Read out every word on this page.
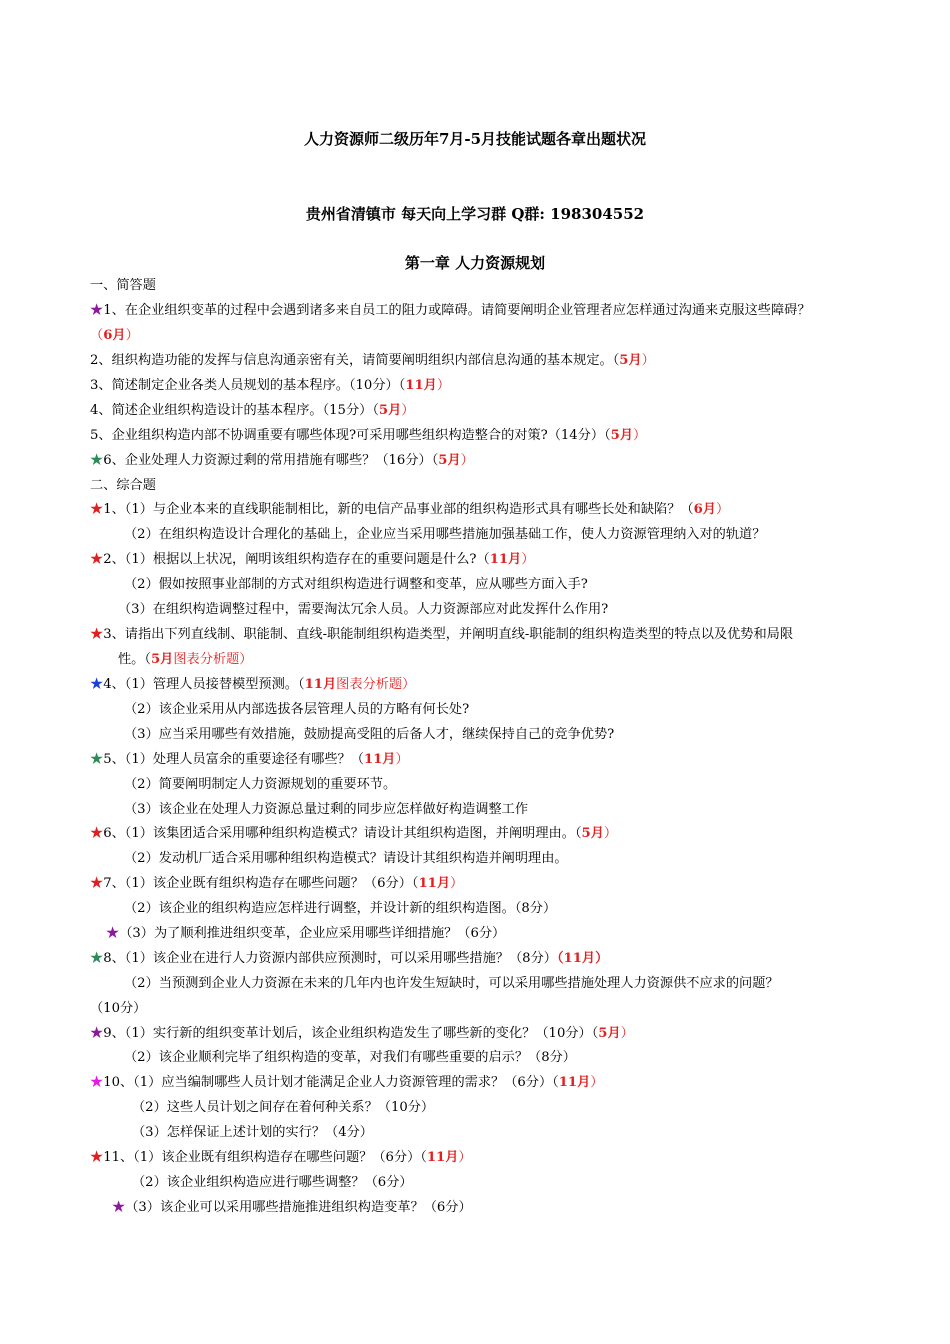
人力资源师二级历年7月-5月技能试题各章出题状况
贵州省清镇市 每天向上学习群 Q群: 198304552
第一章 人力资源规划
一、简答题
★1、在企业组织变革的过程中会遇到诸多来自员工的阻力或障碍。请简要阐明企业管理者应怎样通过沟通来克服这些障碍？
（6月）
2、组织构造功能的发挥与信息沟通亲密有关，请简要阐明组织内部信息沟通的基本规定。（5月）
3、简述制定企业各类人员规划的基本程序。（10分）（11月）
4、简述企业组织构造设计的基本程序。（15分）（5月）
5、企业组织构造内部不协调重要有哪些体现?可采用哪些组织构造整合的对策?（14分）（5月）
★6、企业处理人力资源过剩的常用措施有哪些？（16分）（5月）
二、综合题
★1、（1）与企业本来的直线职能制相比，新的电信产品事业部的组织构造形式具有哪些长处和缺陷？（6月）
（2）在组织构造设计合理化的基础上，企业应当采用哪些措施加强基础工作，使人力资源管理纳入对的轨道？
★2、（1）根据以上状况，阐明该组织构造存在的重要问题是什么?（11月）
（2）假如按照事业部制的方式对组织构造进行调整和变革，应从哪些方面入手?
（3）在组织构造调整过程中，需要淘汰冗余人员。人力资源部应对此发挥什么作用?
★3、请指出下列直线制、职能制、直线-职能制组织构造类型，并阐明直线-职能制的组织构造类型的特点以及优势和局限
性。（5月图表分析题）
★4、（1）管理人员接替模型预测。（11月图表分析题）
（2）该企业采用从内部选拔各层管理人员的方略有何长处?
（3）应当采用哪些有效措施，鼓励提高受阻的后备人才，继续保持自己的竞争优势?
★5、（1）处理人员富余的重要途径有哪些？（11月）
（2）简要阐明制定人力资源规划的重要环节。
（3）该企业在处理人力资源总量过剩的同步应怎样做好构造调整工作
★6、（1）该集团适合采用哪种组织构造模式？请设计其组织构造图，并阐明理由。（5月）
（2）发动机厂适合采用哪种组织构造模式？请设计其组织构造并阐明理由。
★7、（1）该企业既有组织构造存在哪些问题？（6分）（11月）
（2）该企业的组织构造应怎样进行调整，并设计新的组织构造图。（8分）
★（3）为了顺利推进组织变革，企业应采用哪些详细措施？（6分）
★8、（1）该企业在进行人力资源内部供应预测时，可以采用哪些措施？（8分）（11月）
（2）当预测到企业人力资源在未来的几年内也许发生短缺时，可以采用哪些措施处理人力资源供不应求的问题？
（10分）
★9、（1）实行新的组织变革计划后，该企业组织构造发生了哪些新的变化？（10分）（5月）
（2）该企业顺利完毕了组织构造的变革，对我们有哪些重要的启示？（8分）
★10、（1）应当编制哪些人员计划才能满足企业人力资源管理的需求？（6分）（11月）
（2）这些人员计划之间存在着何种关系？（10分）
（3）怎样保证上述计划的实行？（4分）
★11、（1）该企业既有组织构造存在哪些问题？（6分）（11月）
（2）该企业组织构造应进行哪些调整？（6分）
★（3）该企业可以采用哪些措施推进组织构造变革？（6分）
